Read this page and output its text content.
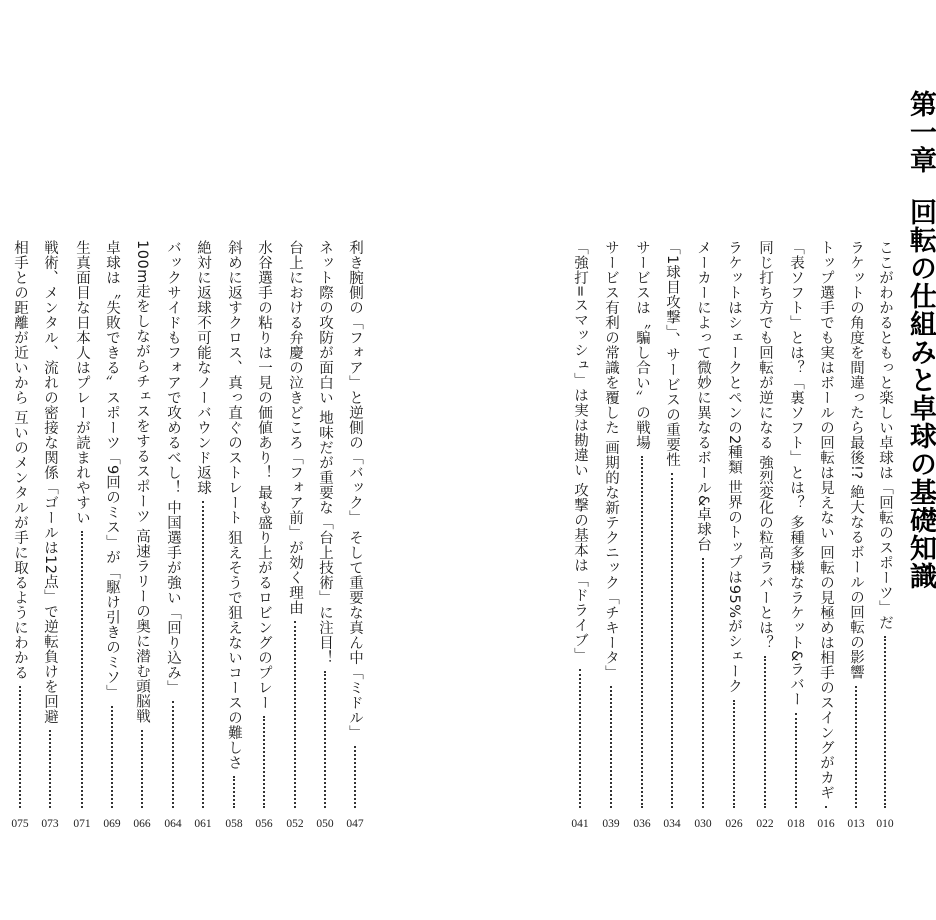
第一章 回転の仕組みと卓球の基礎知識
ここがわかるともっと楽しい卓球は「回転のスポーツ」だ
010
ラケットの角度を間違ったら最後!? 絶大なるボールの回転の影響
013
トップ選手でも実はボールの回転は見えない 回転の見極めは相手のスイングがカギ
016
「表ソフト」とは？「裏ソフト」とは？ 多種多様なラケット&ラバー
018
同じ打ち方でも回転が逆になる 強烈変化の粒高ラバーとは？
022
ラケットはシェークとペンの2種類 世界のトップは95%がシェーク
026
メーカーによって微妙に異なるボール&卓球台
030
「1球目攻撃」、サービスの重要性
034
サービスは〝騙し合い〟の戦場
036
サービス有利の常識を覆した 画期的な新テクニック「チキータ」
039
「強打=スマッシュ」は実は勘違い 攻撃の基本は「ドライブ」
041
利き腕側の「フォア」と逆側の「バック」 そして重要な真ん中「ミドル」
047
ネット際の攻防が面白い 地味だが重要な「台上技術」に注目！
050
台上における弁慶の泣きどころ「フォア前」が効く理由
052
水谷選手の粘りは一見の価値あり！ 最も盛り上がるロビングのプレー
056
斜めに返すクロス、真っ直ぐのストレート 狙えそうで狙えないコースの難しさ
058
絶対に返球不可能なノーバウンド返球
061
バックサイドもフォアで攻めるべし！ 中国選手が強い「回り込み」
064
100m走をしながらチェスをするスポーツ 高速ラリーの奥に潜む頭脳戦
066
卓球は〝失敗できる〟スポーツ「9回のミス」が「駆け引きのミソ」
069
生真面目な日本人はプレーが読まれやすい
071
戦術、メンタル、流れの密接な関係「ゴールは12点」で逆転負けを回避
073
相手との距離が近いから 互いのメンタルが手に取るようにわかる
075
